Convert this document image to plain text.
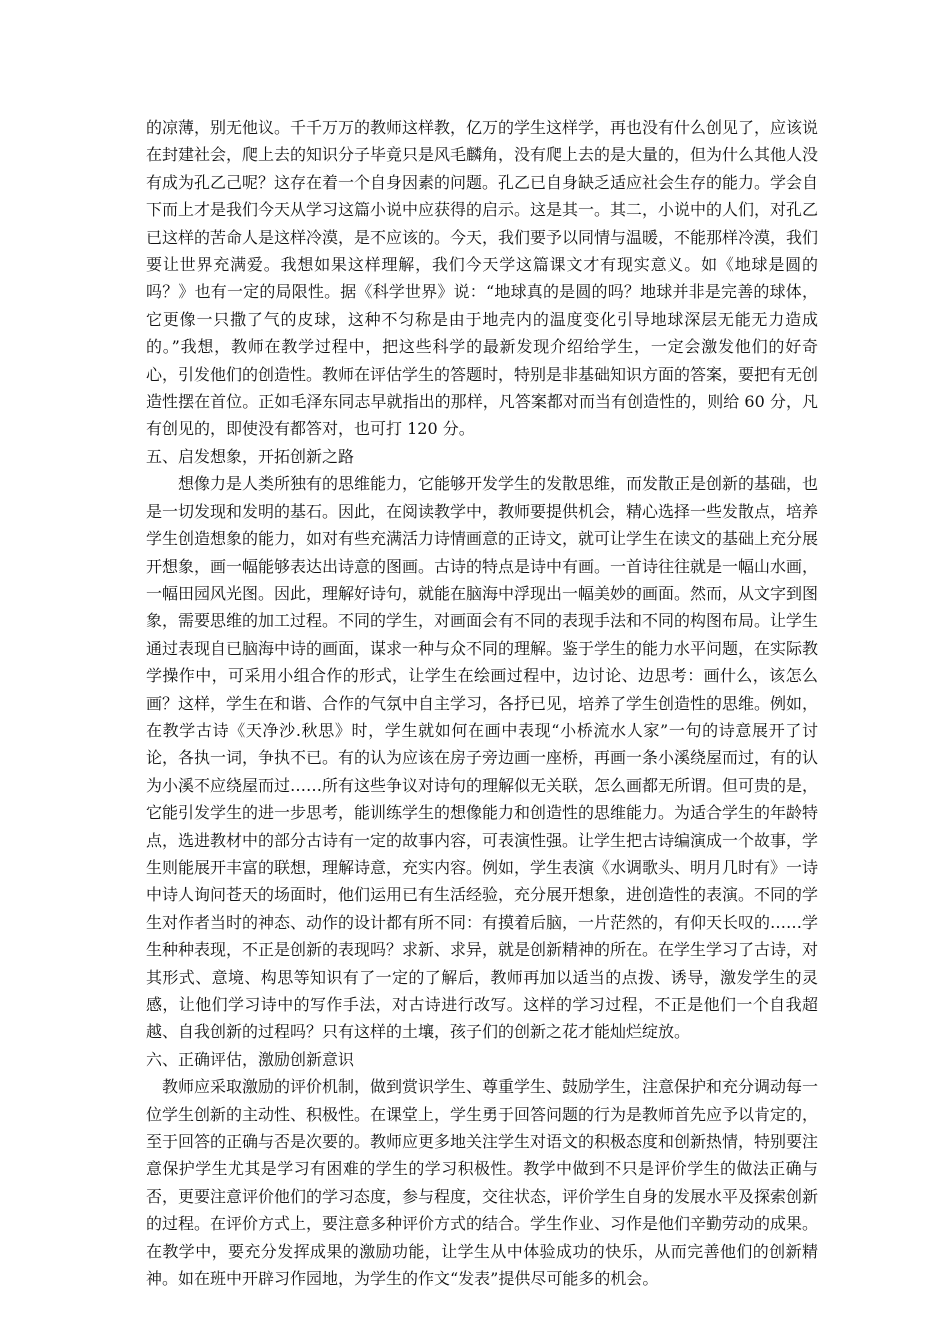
的凉薄，别无他议。千千万万的教师这样教，亿万的学生这样学，再也没有什么创见了，应该说在封建社会，爬上去的知识分子毕竟只是风毛麟角，没有爬上去的是大量的，但为什么其他人没有成为孔乙己呢？这存在着一个自身因素的问题。孔乙已自身缺乏适应社会生存的能力。学会自下而上才是我们今天从学习这篇小说中应获得的启示。这是其一。其二，小说中的人们，对孔乙已这样的苦命人是这样冷漠，是不应该的。今天，我们要予以同情与温暖，不能那样冷漠，我们要让世界充满爱。我想如果这样理解，我们今天学这篇课文才有现实意义。如《地球是圆的吗？》也有一定的局限性。据《科学世界》说：“地球真的是圆的吗？地球并非是完善的球体，它更像一只撒了气的皮球，这种不匀称是由于地壳内的温度变化引导地球深层无能无力造成的。”我想，教师在教学过程中，把这些科学的最新发现介绍给学生，一定会激发他们的好奇心，引发他们的创造性。教师在评估学生的答题时，特别是非基础知识方面的答案，要把有无创造性摆在首位。正如毛泽东同志早就指出的那样，凡答案都对而当有创造性的，则给 60 分，凡有创见的，即使没有都答对，也可打 120 分。

五、启发想象，开拓创新之路

想像力是人类所独有的思维能力，它能够开发学生的发散思维，而发散正是创新的基础，也是一切发现和发明的基石。因此，在阅读教学中，教师要提供机会，精心选择一些发散点，培养学生创造想象的能力，如对有些充满活力诗情画意的正诗文，就可让学生在读文的基础上充分展开想象，画一幅能够表达出诗意的图画。古诗的特点是诗中有画。一首诗往往就是一幅山水画，一幅田园风光图。因此，理解好诗句，就能在脑海中浮现出一幅美妙的画面。然而，从文字到图象，需要思维的加工过程。不同的学生，对画面会有不同的表现手法和不同的构图布局。让学生通过表现自已脑海中诗的画面，谋求一种与众不同的理解。鉴于学生的能力水平问题，在实际教学操作中，可采用小组合作的形式，让学生在绘画过程中，边讨论、边思考：画什么，该怎么画？这样，学生在和谐、合作的气氛中自主学习，各抒已见，培养了学生创造性的思维。例如，在教学古诗《天净沙.秋思》时，学生就如何在画中表现“小桥流水人家”一句的诗意展开了讨论，各执一词，争执不已。有的认为应该在房子旁边画一座桥，再画一条小溪绕屋而过，有的认为小溪不应绕屋而过……所有这些争议对诗句的理解似无关联，怎么画都无所谓。但可贵的是，它能引发学生的进一步思考，能训练学生的想像能力和创造性的思维能力。为适合学生的年龄特点，选进教材中的部分古诗有一定的故事内容，可表演性强。让学生把古诗编演成一个故事，学生则能展开丰富的联想，理解诗意，充实内容。例如，学生表演《水调歌头、明月几时有》一诗中诗人询问苍天的场面时，他们运用已有生活经验，充分展开想象，进创造性的表演。不同的学生对作者当时的神态、动作的设计都有所不同：有摸着后脑，一片茫然的，有仰天长叹的……学生种种表现，不正是创新的表现吗？求新、求异，就是创新精神的所在。在学生学习了古诗，对其形式、意境、构思等知识有了一定的了解后，教师再加以适当的点拨、诱导，激发学生的灵感，让他们学习诗中的写作手法，对古诗进行改写。这样的学习过程，不正是他们一个自我超越、自我创新的过程吗？只有这样的土壤，孩子们的创新之花才能灿烂绽放。

六、正确评估，激励创新意识

教师应采取激励的评价机制，做到赏识学生、尊重学生、鼓励学生，注意保护和充分调动每一位学生创新的主动性、积极性。在课堂上，学生勇于回答问题的行为是教师首先应予以肯定的，至于回答的正确与否是次要的。教师应更多地关注学生对语文的积极态度和创新热情，特别要注意保护学生尤其是学习有困难的学生的学习积极性。教学中做到不只是评价学生的做法正确与否，更要注意评价他们的学习态度，参与程度，交往状态，评价学生自身的发展水平及探索创新的过程。在评价方式上，要注意多种评价方式的结合。学生作业、习作是他们辛勤劳动的成果。在教学中，要充分发挥成果的激励功能，让学生从中体验成功的快乐，从而完善他们的创新精神。如在班中开辟习作园地，为学生的作文“发表”提供尽可能多的机会。
